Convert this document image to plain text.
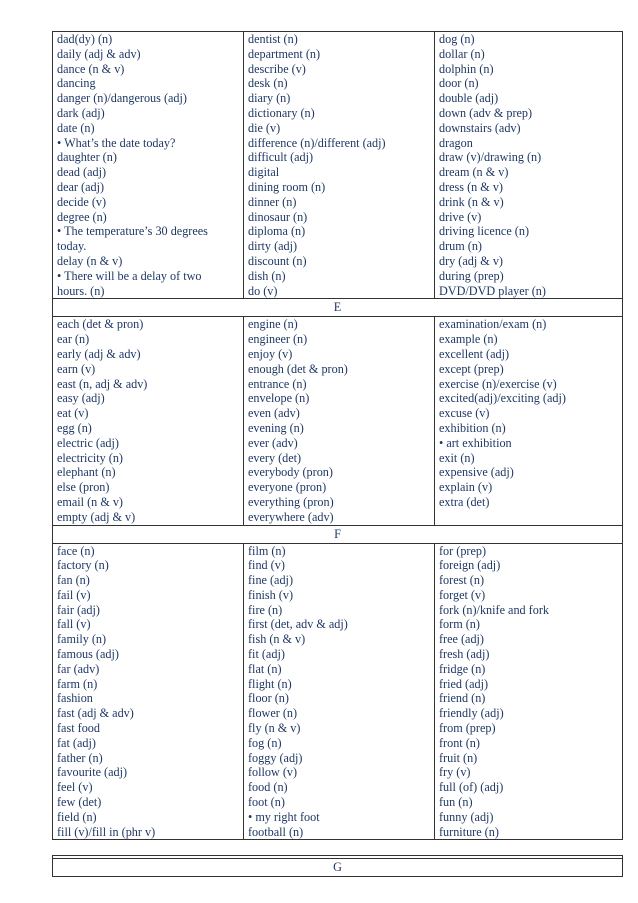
dad(dy) (n)
daily (adj & adv)
dance (n & v)
dancing
danger (n)/dangerous (adj)
dark (adj)
date (n)
• What’s the date today?
daughter (n)
dead (adj)
dear (adj)
decide (v)
degree (n)
• The temperature’s 30 degrees
today.
delay (n & v)
• There will be a delay of two
hours. (n)
dentist (n)
department (n)
describe (v)
desk (n)
diary (n)
dictionary (n)
die (v)
difference (n)/different (adj)
difficult (adj)
digital
dining room (n)
dinner (n)
dinosaur (n)
diploma (n)
dirty (adj)
discount (n)
dish (n)
do (v)
dog (n)
dollar (n)
dolphin (n)
door (n)
double (adj)
down (adv & prep)
downstairs (adv)
dragon
draw (v)/drawing (n)
dream (n & v)
dress (n & v)
drink (n & v)
drive (v)
driving licence (n)
drum (n)
dry (adj & v)
during (prep)
DVD/DVD player (n)
E
each (det & pron)
ear (n)
early (adj & adv)
earn (v)
east (n, adj & adv)
easy (adj)
eat (v)
egg (n)
electric (adj)
electricity (n)
elephant (n)
else (pron)
email (n & v)
empty (adj & v)
engine (n)
engineer (n)
enjoy (v)
enough (det & pron)
entrance (n)
envelope (n)
even (adv)
evening (n)
ever (adv)
every (det)
everybody (pron)
everyone (pron)
everything (pron)
everywhere (adv)
examination/exam (n)
example (n)
excellent (adj)
except (prep)
exercise (n)/exercise (v)
excited(adj)/exciting (adj)
excuse (v)
exhibition (n)
• art exhibition
exit (n)
expensive (adj)
explain (v)
extra (det)

F
face (n)
factory (n)
fan (n)
fail (v)
fair (adj)
fall (v)
family (n)
famous (adj)
far (adv)
farm (n)
fashion
fast (adj & adv)
fast food
fat (adj)
father (n)
favourite (adj)
feel (v)
few (det)
field (n)
fill (v)/fill in (phr v)
film (n)
find (v)
fine (adj)
finish (v)
fire (n)
first (det, adv & adj)
fish (n & v)
fit (adj)
flat (n)
flight (n)
floor (n)
flower (n)
fly (n & v)
fog (n)
foggy (adj)
follow (v)
food (n)
foot (n)
• my right foot
football (n)
for (prep)
foreign (adj)
forest (n)
forget (v)
fork (n)/knife and fork
form (n)
free (adj)
fresh (adj)
fridge (n)
fried (adj)
friend (n)
friendly (adj)
from (prep)
front (n)
fruit (n)
fry (v)
full (of) (adj)
fun (n)
funny (adj)
furniture (n)
G
